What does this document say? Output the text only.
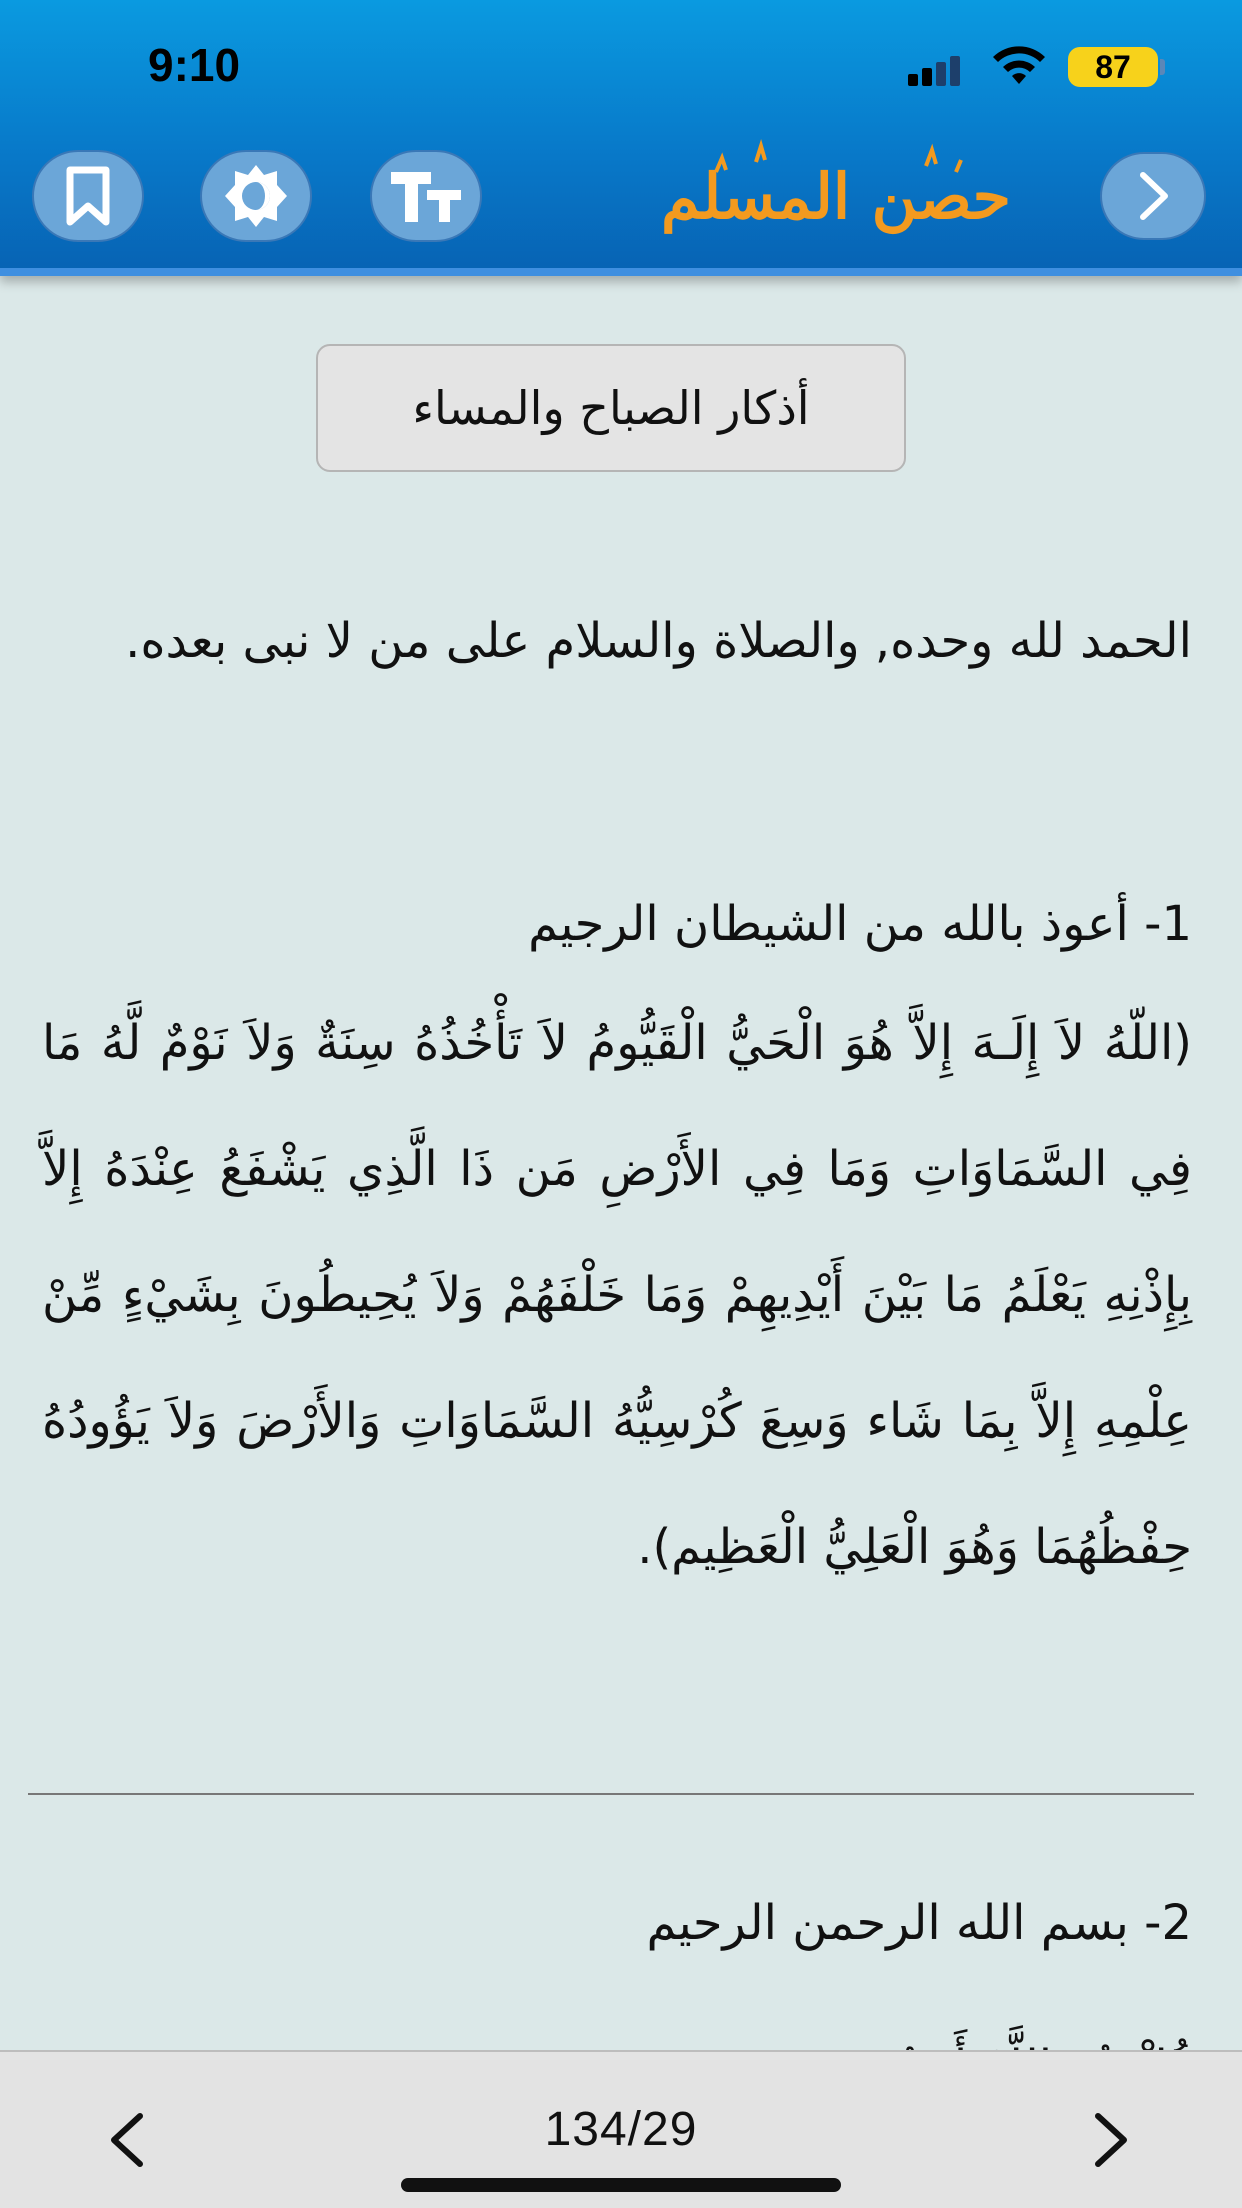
9:10	87
حصن المسلم
أذكار الصباح والمساء
الحمد لله وحده, والصلاة والسلام على من لا نبى بعده.
1- أعوذ بالله من الشيطان الرجيم
(اللّهُ لاَ إِلَـهَ إِلاَّ هُوَ الْحَيُّ الْقَيُّومُ لاَ تَأْخُذُهُ سِنَةٌ وَلاَ نَوْمٌ لَّهُ مَا فِي السَّمَاوَاتِ وَمَا فِي الأَرْضِ مَن ذَا الَّذِي يَشْفَعُ عِنْدَهُ إِلاَّ بِإِذْنِهِ يَعْلَمُ مَا بَيْنَ أَيْدِيهِمْ وَمَا خَلْفَهُمْ وَلاَ يُحِيطُونَ بِشَيْءٍ مِّنْ عِلْمِهِ إِلاَّ بِمَا شَاء وَسِعَ كُرْسِيُّهُ السَّمَاوَاتِ وَالأَرْضَ وَلاَ يَؤُودُهُ حِفْظُهُمَا وَهُوَ الْعَلِيُّ الْعَظِيم).
2- بسم الله الرحمن الرحيم
134/29
